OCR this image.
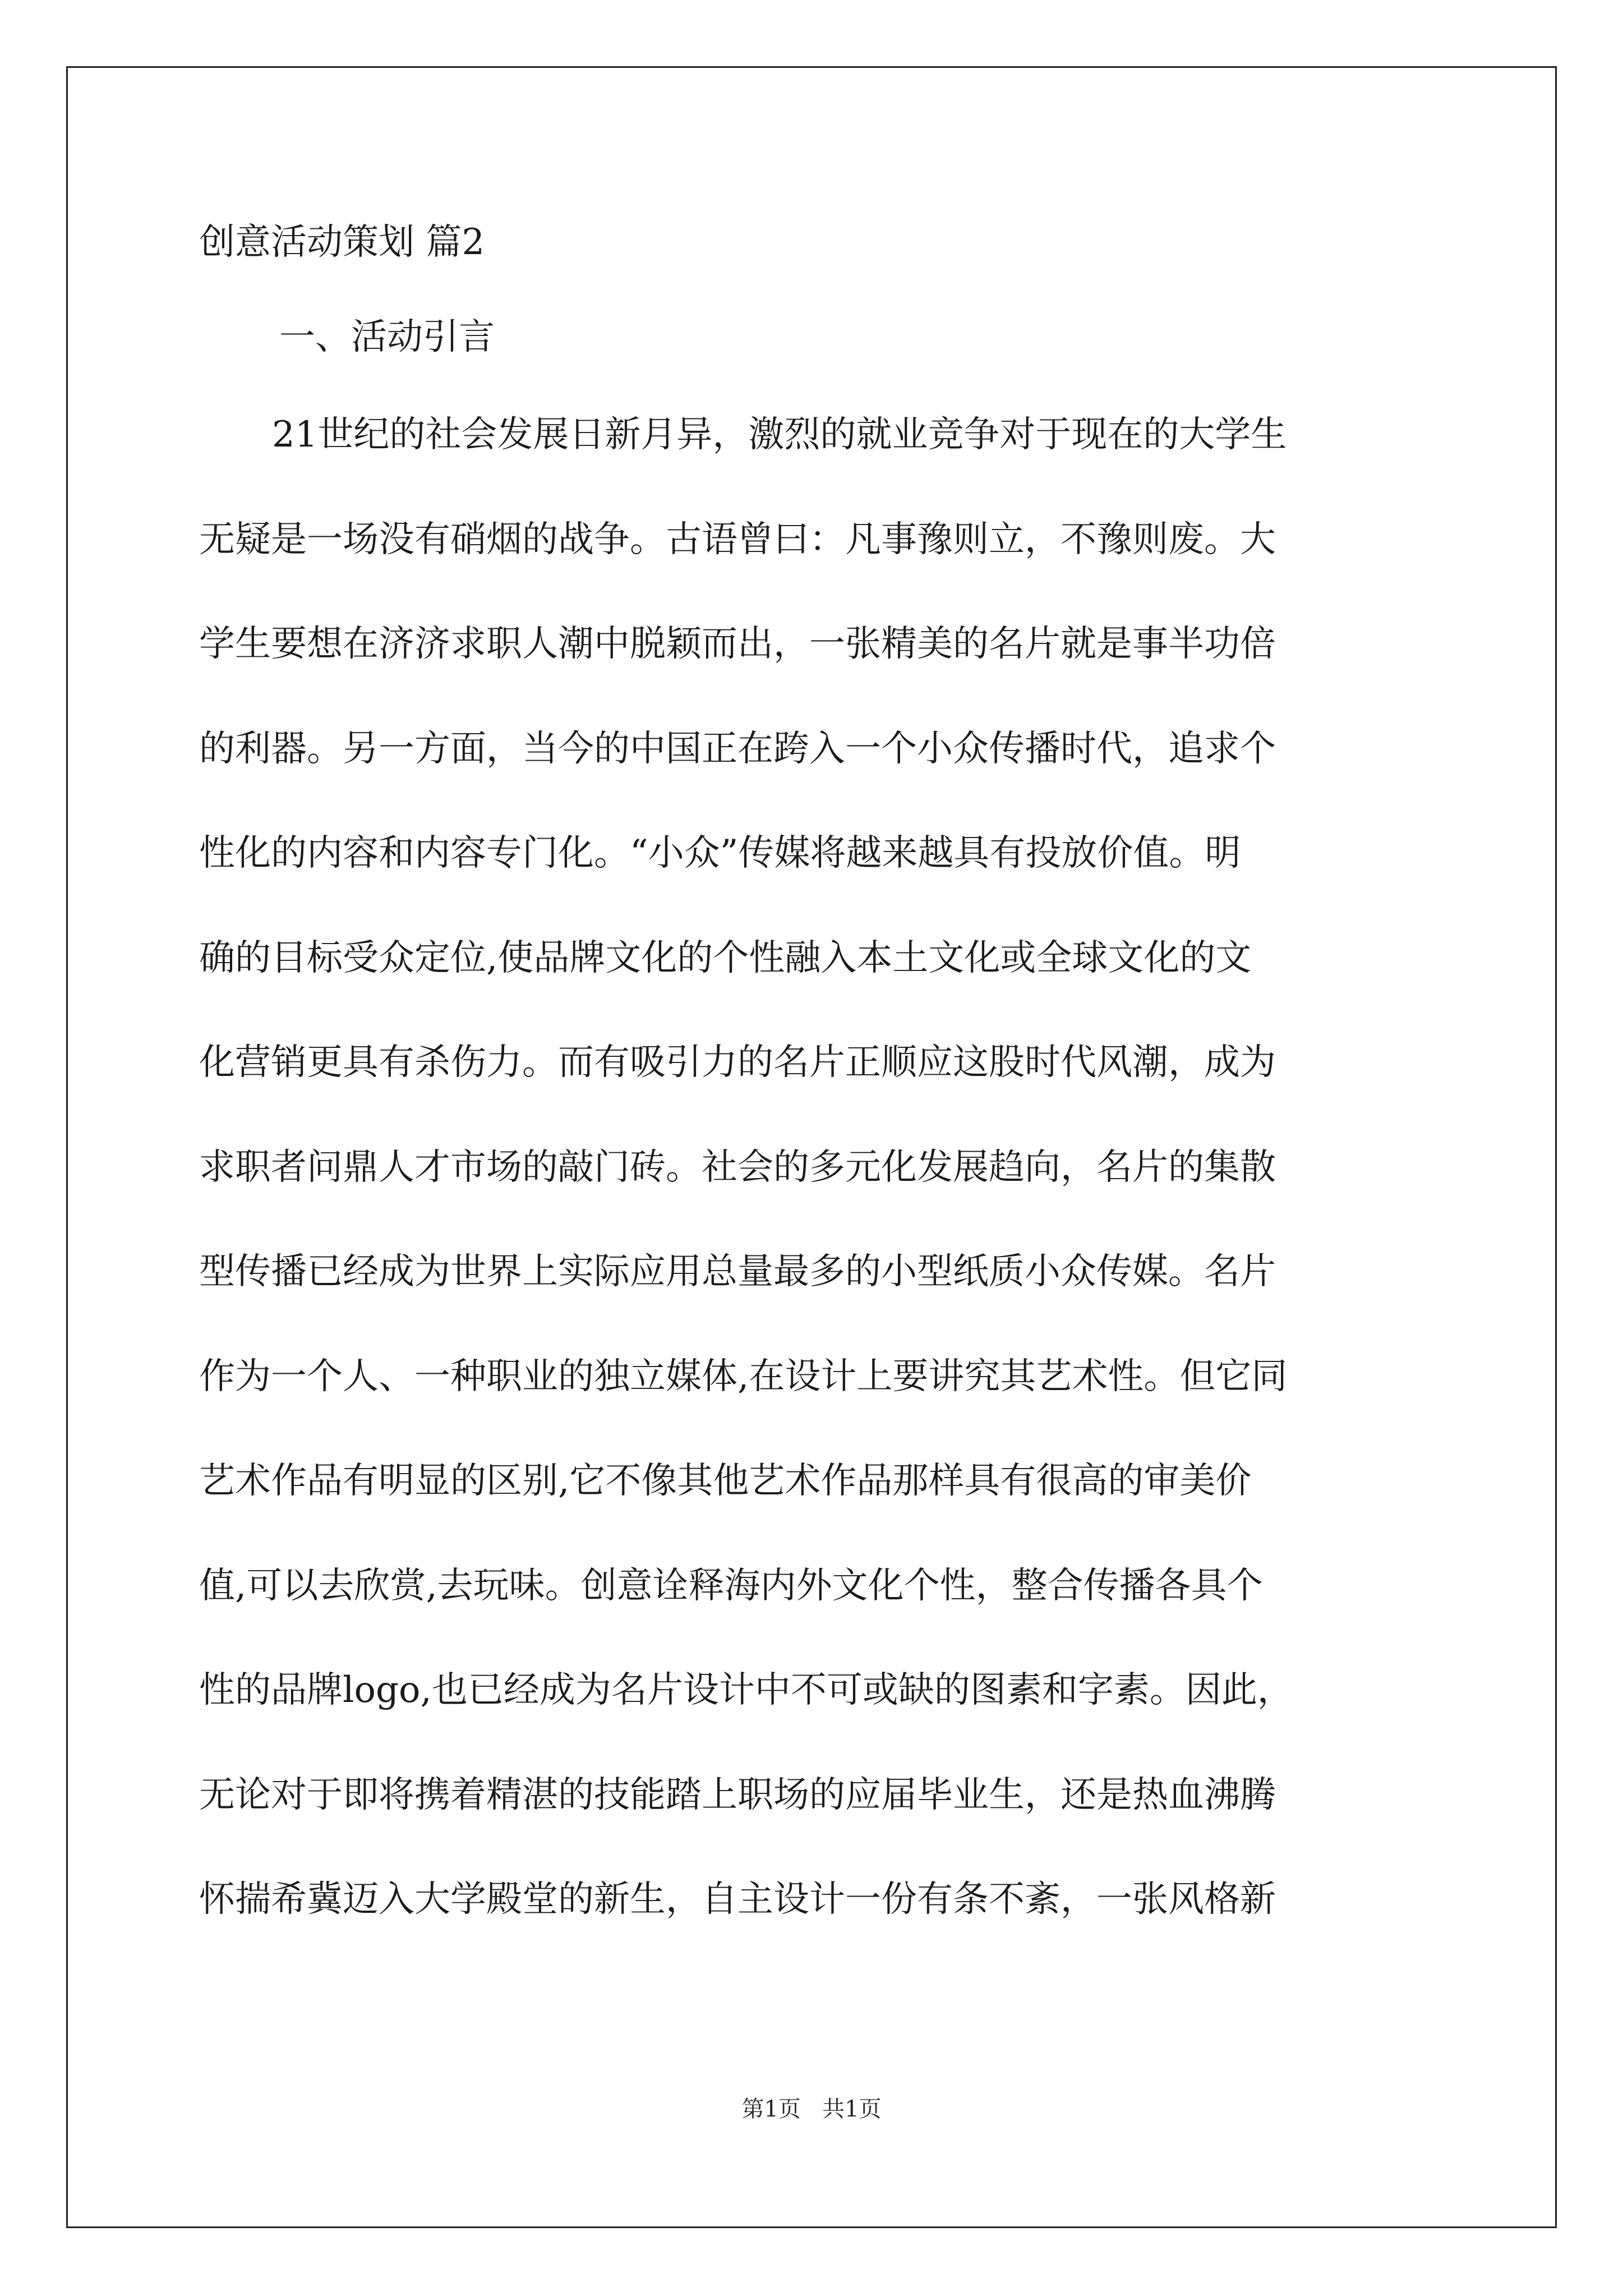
创意活动策划 篇2
一、活动引言
21世纪的社会发展日新月异，激烈的就业竞争对于现在的大学生
无疑是一场没有硝烟的战争。古语曾曰：凡事豫则立，不豫则废。大
学生要想在济济求职人潮中脱颖而出，一张精美的名片就是事半功倍
的利器。另一方面，当今的中国正在跨入一个小众传播时代，追求个
性化的内容和内容专门化。“小众”传媒将越来越具有投放价值。明
确的目标受众定位,使品牌文化的个性融入本土文化或全球文化的文
化营销更具有杀伤力。而有吸引力的名片正顺应这股时代风潮，成为
求职者问鼎人才市场的敲门砖。社会的多元化发展趋向，名片的集散
型传播已经成为世界上实际应用总量最多的小型纸质小众传媒。名片
作为一个人、一种职业的独立媒体,在设计上要讲究其艺术性。但它同
艺术作品有明显的区别,它不像其他艺术作品那样具有很高的审美价
值,可以去欣赏,去玩味。创意诠释海内外文化个性，整合传播各具个
性的品牌logo,也已经成为名片设计中不可或缺的图素和字素。因此，
无论对于即将携着精湛的技能踏上职场的应届毕业生，还是热血沸腾
怀揣希冀迈入大学殿堂的新生，自主设计一份有条不紊，一张风格新
第1页   共1页
